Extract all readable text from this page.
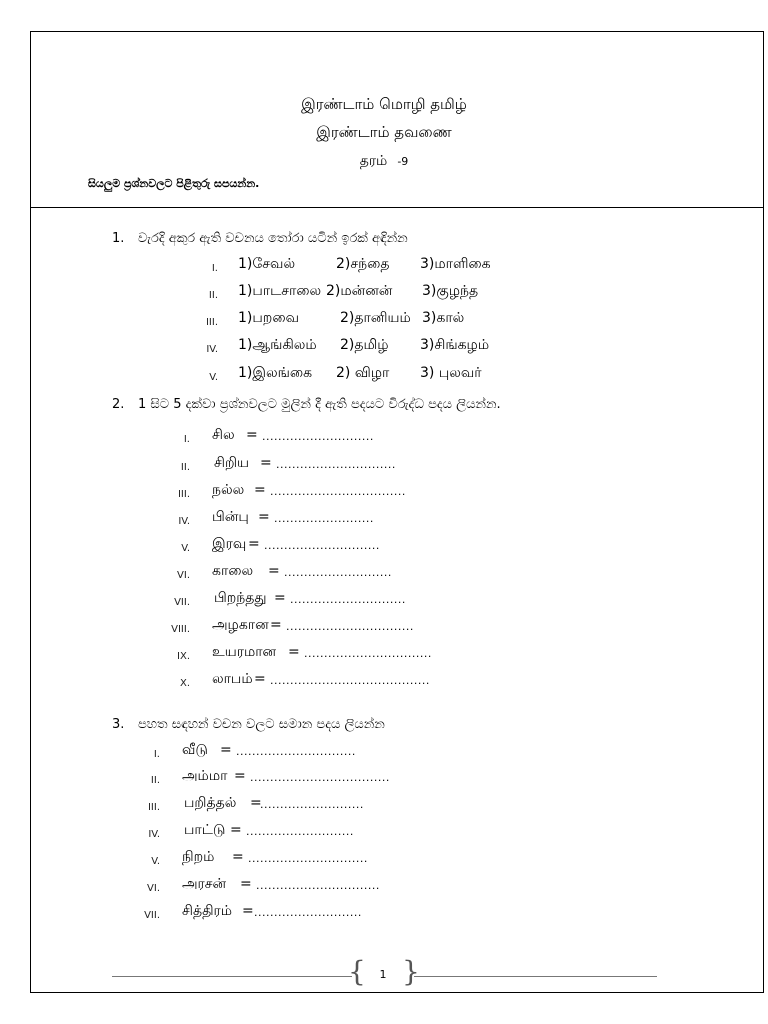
இரண்டாம் மொழி தமிழ்
இரண்டாம் தவணை
தரம் -9
සියලුම ප්‍රශ්නවලට පිළිතුරු සපයන්න.
1. වැරදි අකුර ඇති වචනය තෝරා යටින් ඉරක් අඳින්න
I. 1)சேவல்	2)சந்தை 3)மாளிகை
II. 1)பாடசாலை 2)மன்னன் 3)குழந்த
III. 1)பறவை	2)தானியம் 3)கால்
IV. 1)ஆங்கிலம் 2)தமிழ் 3)சிங்கழம்
V. 1)இலங்கை 2) விழா 3) புலவர்
2. 1 සිට 5 දක්වා ප්‍රශ්නවලට මුලින් දී ඇති පදයට විරුද්ධ පදය ලියන්න.
I. சில = ............................
II. சிறிய = ..............................
III. நல்ல = ..................................
IV. பின்பு = .........................
V. இரவு = .............................
VI. காலை = ...........................
VII. பிறந்தது = .............................
VIII. அழகான = ................................
IX. உயரமான = ................................
X. லாபம் = ........................................
3. පහත සඳහන් වචන වලට සමාන පදය ලියන්න
I. வீடு = ..............................
II. அம்மா = ...................................
III. பறித்தல் =
..........................
IV. பாட்டு = ...........................
V. நிறம் = ..............................
VI. அரசன் = ...............................
VII. சித்திரம் = ...........................
{ }
1
